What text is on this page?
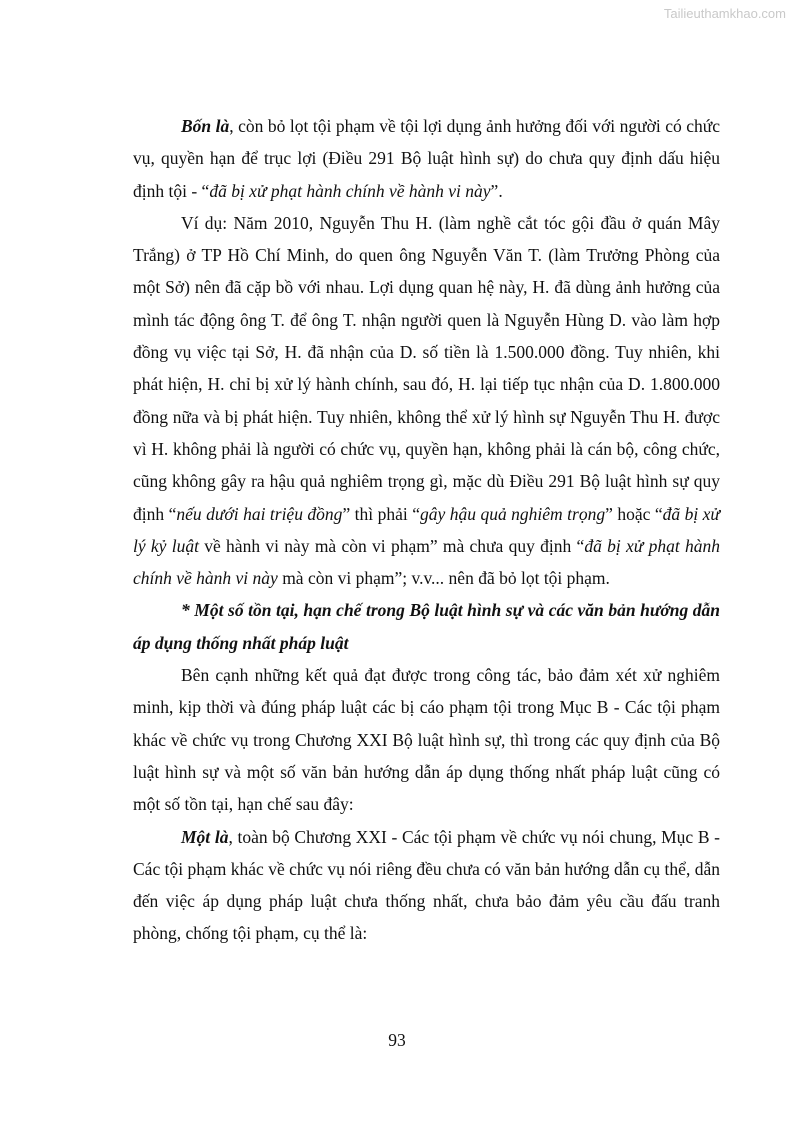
Tailieuthamkhao.com

Bốn là, còn bỏ lọt tội phạm về tội lợi dụng ảnh hưởng đối với người có chức vụ, quyền hạn để trục lợi (Điều 291 Bộ luật hình sự) do chưa quy định dấu hiệu định tội - “đã bị xử phạt hành chính về hành vi này”.

Ví dụ: Năm 2010, Nguyễn Thu H. (làm nghề cắt tóc gội đầu ở quán Mây Trắng) ở TP Hồ Chí Minh, do quen ông Nguyễn Văn T. (làm Trưởng Phòng của một Sở) nên đã cặp bồ với nhau. Lợi dụng quan hệ này, H. đã dùng ảnh hưởng của mình tác động ông T. để ông T. nhận người quen là Nguyễn Hùng D. vào làm hợp đồng vụ việc tại Sở, H. đã nhận của D. số tiền là 1.500.000 đồng. Tuy nhiên, khi phát hiện, H. chỉ bị xử lý hành chính, sau đó, H. lại tiếp tục nhận của D. 1.800.000 đồng nữa và bị phát hiện. Tuy nhiên, không thể xử lý hình sự Nguyễn Thu H. được vì H. không phải là người có chức vụ, quyền hạn, không phải là cán bộ, công chức, cũng không gây ra hậu quả nghiêm trọng gì, mặc dù Điều 291 Bộ luật hình sự quy định “nếu dưới hai triệu đồng” thì phải “gây hậu quả nghiêm trọng” hoặc “đã bị xử lý kỷ luật về hành vi này mà còn vi phạm” mà chưa quy định “đã bị xử phạt hành chính về hành vi này mà còn vi phạm”; v.v... nên đã bỏ lọt tội phạm.

* Một số tồn tại, hạn chế trong Bộ luật hình sự và các văn bản hướng dẫn áp dụng thống nhất pháp luật

Bên cạnh những kết quả đạt được trong công tác, bảo đảm xét xử nghiêm minh, kịp thời và đúng pháp luật các bị cáo phạm tội trong Mục B - Các tội phạm khác về chức vụ trong Chương XXI Bộ luật hình sự, thì trong các quy định của Bộ luật hình sự và một số văn bản hướng dẫn áp dụng thống nhất pháp luật cũng có một số tồn tại, hạn chế sau đây:

Một là, toàn bộ Chương XXI - Các tội phạm về chức vụ nói chung, Mục B - Các tội phạm khác về chức vụ nói riêng đều chưa có văn bản hướng dẫn cụ thể, dẫn đến việc áp dụng pháp luật chưa thống nhất, chưa bảo đảm yêu cầu đấu tranh phòng, chống tội phạm, cụ thể là:

93
